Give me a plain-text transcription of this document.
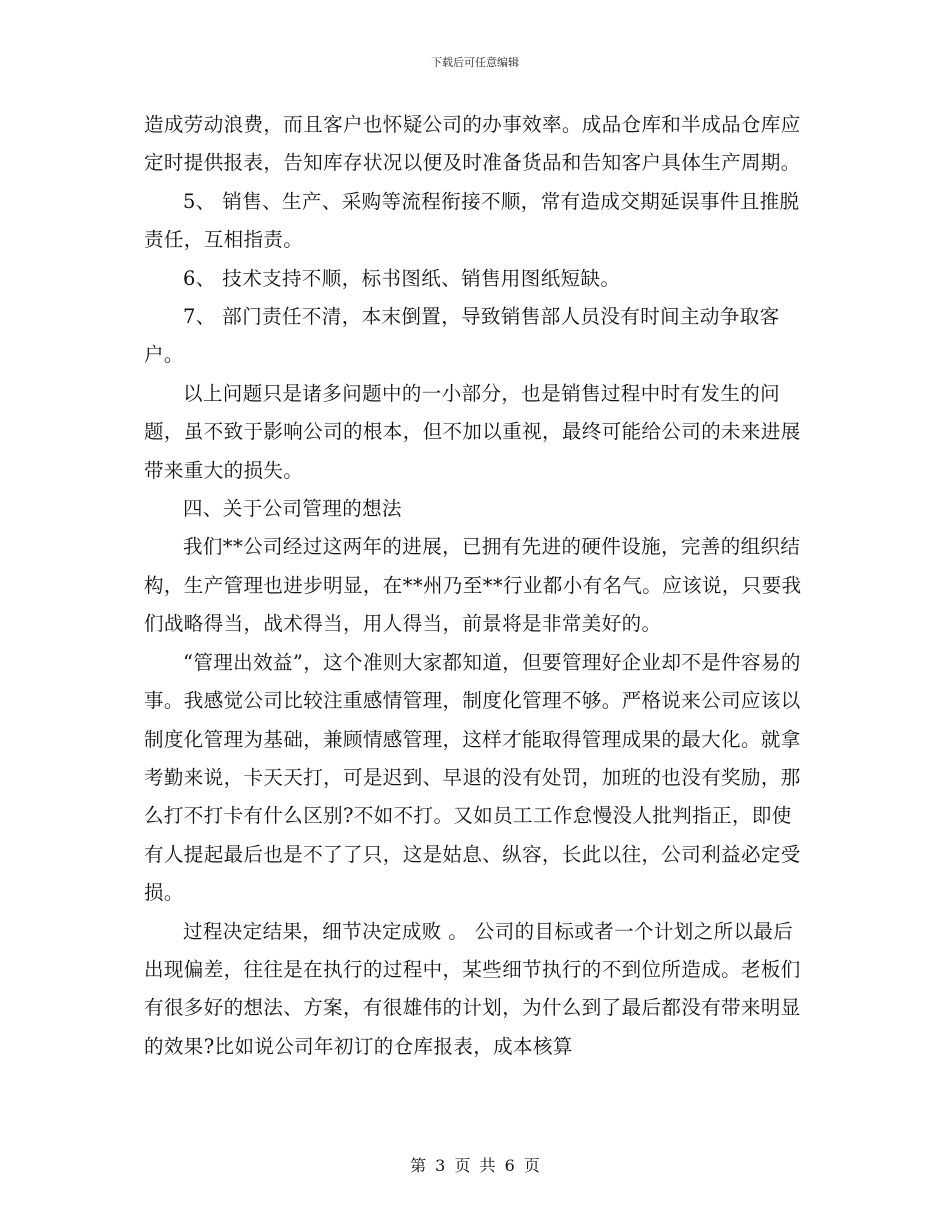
下载后可任意编辑

造成劳动浪费，而且客户也怀疑公司的办事效率。成品仓库和半成品仓库应定时提供报表，告知库存状况以便及时准备货品和告知客户具体生产周期。

5、 销售、生产、采购等流程衔接不顺，常有造成交期延误事件且推脱责任，互相指责。

6、 技术支持不顺，标书图纸、销售用图纸短缺。

7、 部门责任不清，本末倒置，导致销售部人员没有时间主动争取客户。

以上问题只是诸多问题中的一小部分，也是销售过程中时有发生的问题，虽不致于影响公司的根本，但不加以重视，最终可能给公司的未来进展带来重大的损失。

四、关于公司管理的想法

我们**公司经过这两年的进展，已拥有先进的硬件设施，完善的组织结构，生产管理也进步明显，在**州乃至**行业都小有名气。应该说，只要我们战略得当，战术得当，用人得当，前景将是非常美好的。

“管理出效益”，这个准则大家都知道，但要管理好企业却不是件容易的事。我感觉公司比较注重感情管理，制度化管理不够。严格说来公司应该以制度化管理为基础，兼顾情感管理，这样才能取得管理成果的最大化。就拿考勤来说，卡天天打，可是迟到、早退的没有处罚，加班的也没有奖励，那么打不打卡有什么区别?不如不打。又如员工工作怠慢没人批判指正，即使有人提起最后也是不了了只，这是姑息、纵容，长此以往，公司利益必定受损。

过程决定结果，细节决定成败 。 公司的目标或者一个计划之所以最后出现偏差，往往是在执行的过程中，某些细节执行的不到位所造成。老板们有很多好的想法、方案，有很雄伟的计划，为什么到了最后都没有带来明显的效果?比如说公司年初订的仓库报表，成本核算

第 3 页 共 6 页
